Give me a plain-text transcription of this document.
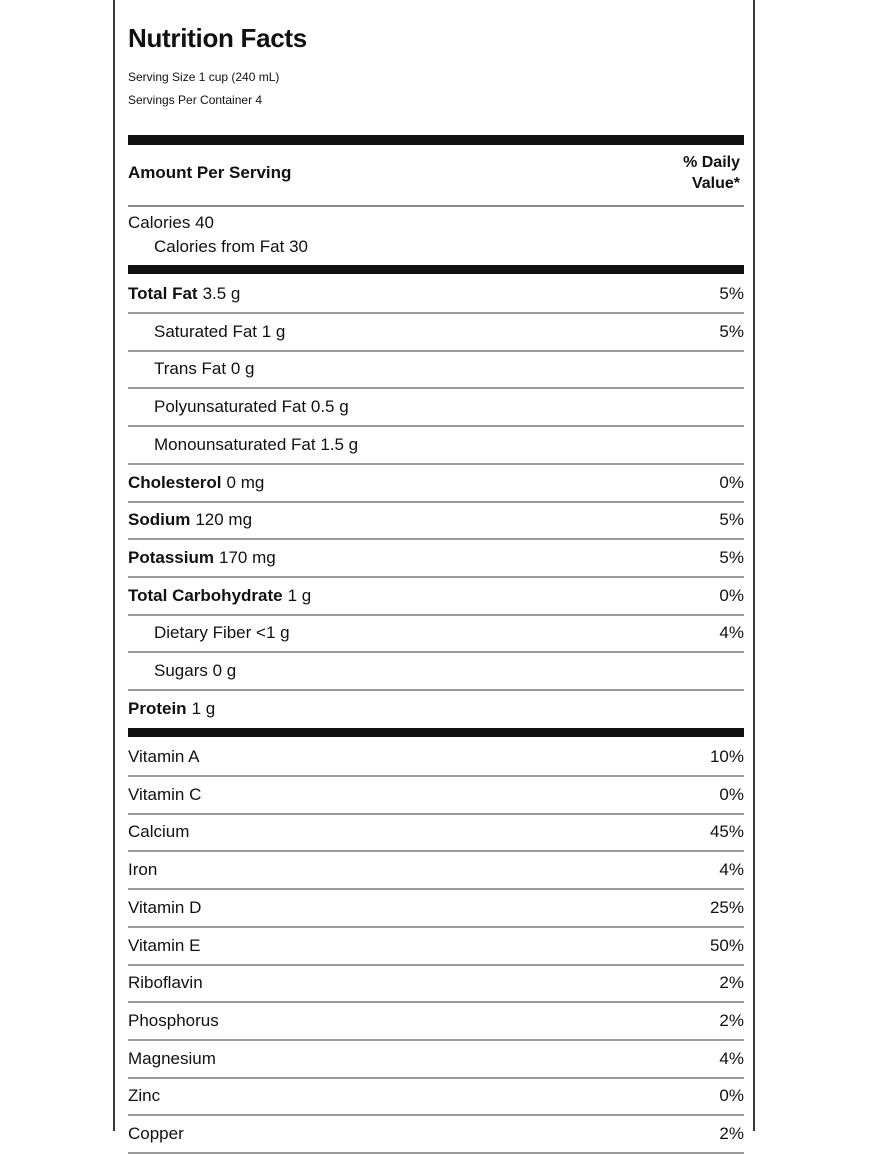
Nutrition Facts
Serving Size 1 cup (240 mL)
Servings Per Container 4
Amount Per Serving
% Daily
Value*
Calories 40
Calories from Fat 30
Total Fat 3.5 g	5%
Saturated Fat 1 g	5%
Trans Fat 0 g
Polyunsaturated Fat 0.5 g
Monounsaturated Fat 1.5 g
Cholesterol 0 mg	0%
Sodium 120 mg	5%
Potassium 170 mg	5%
Total Carbohydrate 1 g	0%
Dietary Fiber <1 g	4%
Sugars 0 g
Protein 1 g
Vitamin A	10%
Vitamin C	0%
Calcium	45%
Iron	4%
Vitamin D	25%
Vitamin E	50%
Riboflavin	2%
Phosphorus	2%
Magnesium	4%
Zinc	0%
Copper	2%
